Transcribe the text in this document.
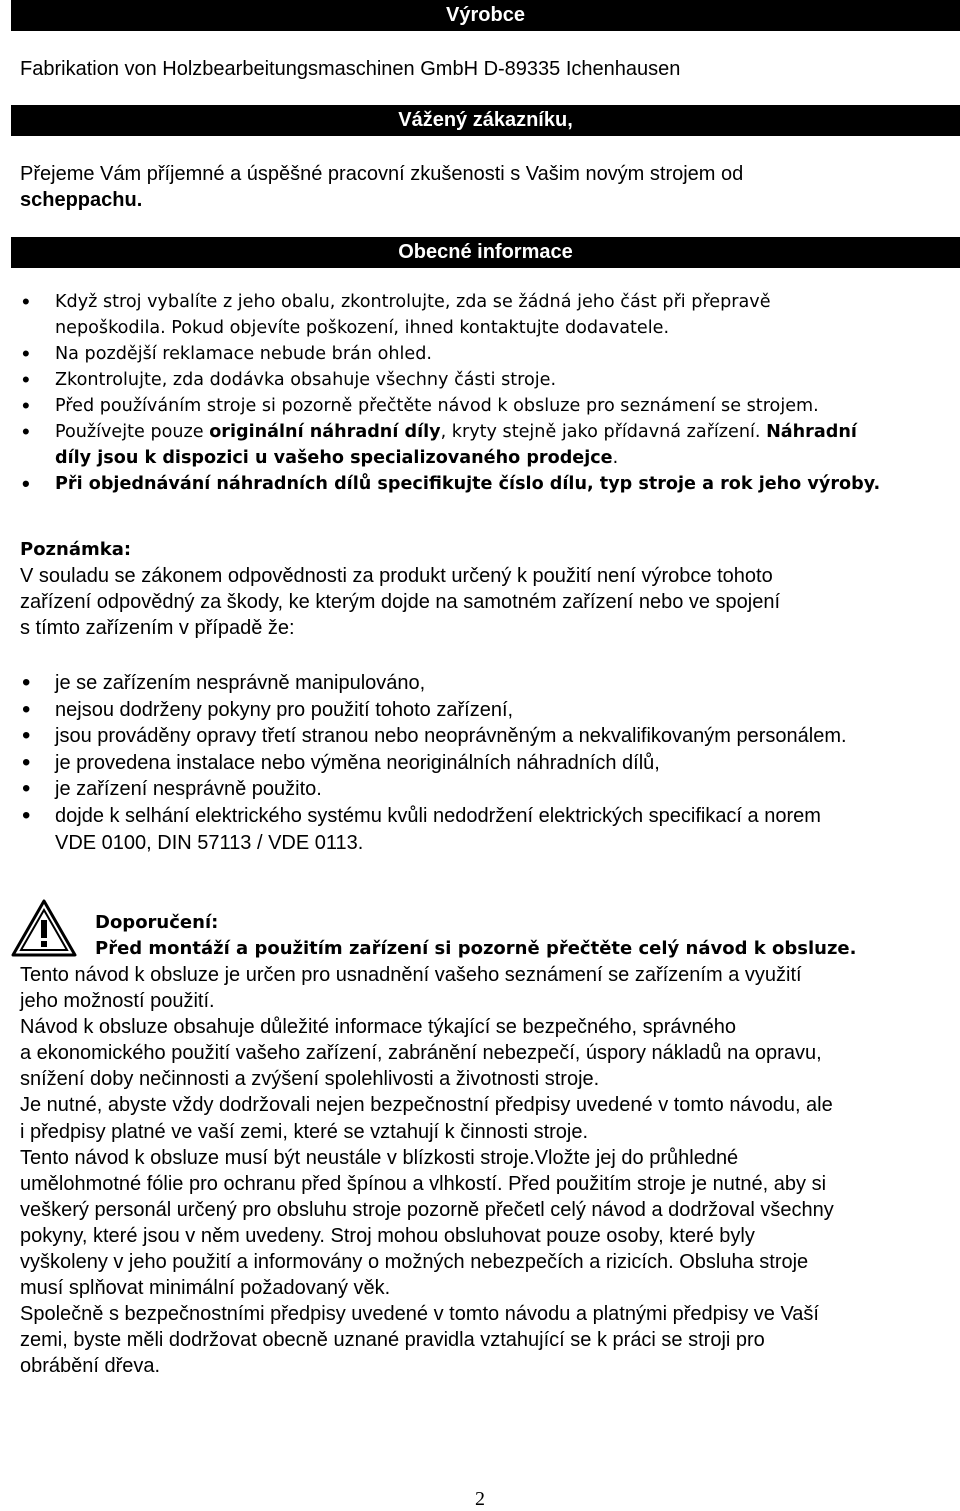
Výrobce
Fabrikation von Holzbearbeitungsmaschinen GmbH D-89335 Ichenhausen
Vážený zákazníku,
Přejeme Vám příjemné a úspěšné pracovní zkušenosti s Vašim novým strojem od
scheppachu.
Obecné informace
• Když stroj vybalíte z jeho obalu, zkontrolujte, zda se žádná jeho část při přepravě
nepoškodila. Pokud objevíte poškození, ihned kontaktujte dodavatele.
• Na pozdější reklamace nebude brán ohled.
• Zkontrolujte, zda dodávka obsahuje všechny části stroje.
• Před používáním stroje si pozorně přečtěte návod k obsluze pro seznámení se strojem.
• Používejte pouze originální náhradní díly, kryty stejně jako přídavná zařízení. Náhradní
díly jsou k dispozici u vašeho specializovaného prodejce.
• Při objednávání náhradních dílů specifikujte číslo dílu, typ stroje a rok jeho výroby.
Poznámka:
V souladu se zákonem odpovědnosti za produkt určený k použití není výrobce tohoto
zařízení odpovědný za škody, ke kterým dojde na samotném zařízení nebo ve spojení
s tímto zařízením v případě že:
• je se zařízením nesprávně manipulováno,
• nejsou dodrženy pokyny pro použití tohoto zařízení,
• jsou prováděny opravy třetí stranou nebo neoprávněným a nekvalifikovaným personálem.
• je provedena instalace nebo výměna neoriginálních náhradních dílů,
• je zařízení nesprávně použito.
• dojde k selhání elektrického systému kvůli nedodržení elektrických specifikací a norem
VDE 0100, DIN 57113 / VDE 0113.
Doporučení:
Před montáží a použitím zařízení si pozorně přečtěte celý návod k obsluze.
Tento návod k obsluze je určen pro usnadnění vašeho seznámení se zařízením a využití
jeho možností použití.
Návod k obsluze obsahuje důležité informace týkající se bezpečného, správného
a ekonomického použití vašeho zařízení, zabránění nebezpečí, úspory nákladů na opravu,
snížení doby nečinnosti a zvýšení spolehlivosti a životnosti stroje.
Je nutné, abyste vždy dodržovali nejen bezpečnostní předpisy uvedené v tomto návodu, ale
i předpisy platné ve vaší zemi, které se vztahují k činnosti stroje.
Tento návod k obsluze musí být neustále v blízkosti stroje.Vložte jej do průhledné
umělohmotné fólie pro ochranu před špínou a vlhkostí. Před použitím stroje je nutné, aby si
veškerý personál určený pro obsluhu stroje pozorně přečetl celý návod a dodržoval všechny
pokyny, které jsou v něm uvedeny. Stroj mohou obsluhovat pouze osoby, které byly
vyškoleny v jeho použití a informovány o možných nebezpečích a rizicích. Obsluha stroje
musí splňovat minimální požadovaný věk.
Společně s bezpečnostními předpisy uvedené v tomto návodu a platnými předpisy ve Vaší
zemi, byste měli dodržovat obecně uznané pravidla vztahující se k práci se stroji pro
obrábění dřeva.
2
